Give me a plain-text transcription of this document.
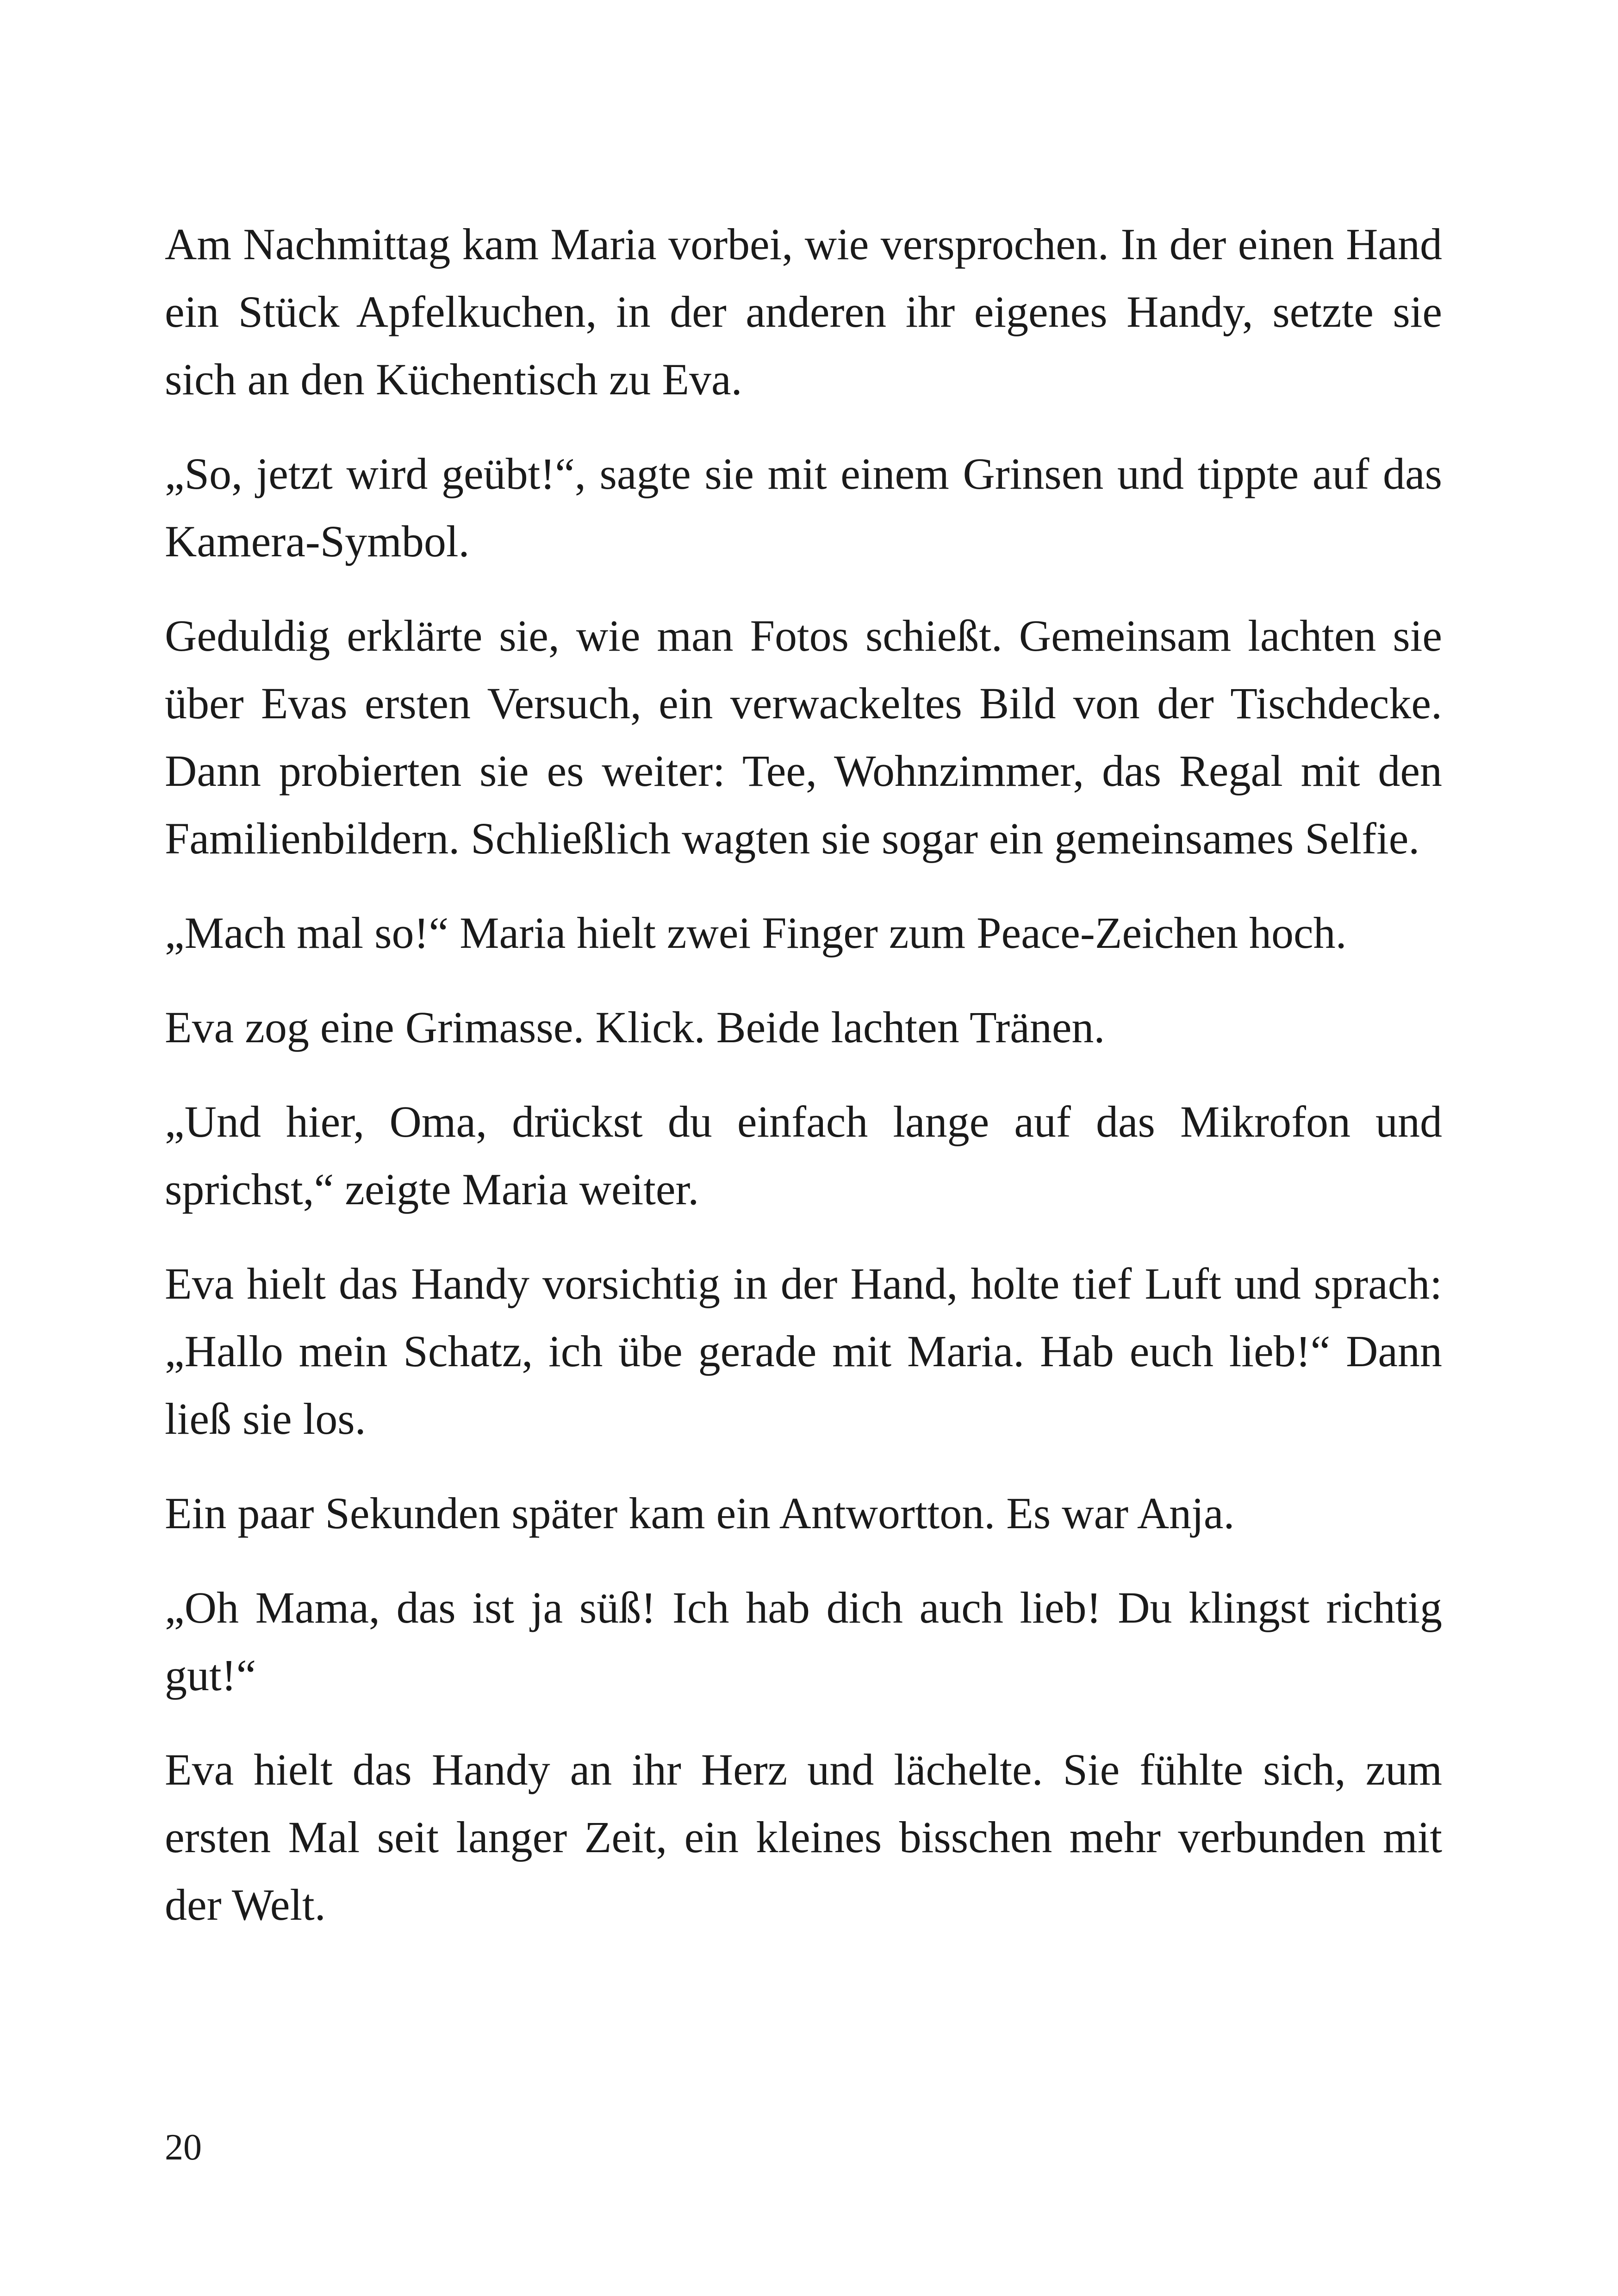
Am Nachmittag kam Maria vorbei, wie versprochen. In der einen Hand ein Stück Apfelkuchen, in der anderen ihr eigenes Handy, setzte sie sich an den Küchentisch zu Eva.

„So, jetzt wird geübt!“, sagte sie mit einem Grinsen und tippte auf das Kamera-Symbol.

Geduldig erklärte sie, wie man Fotos schießt. Gemeinsam lachten sie über Evas ersten Versuch, ein verwackeltes Bild von der Tischdecke. Dann probierten sie es weiter: Tee, Wohnzimmer, das Regal mit den Familienbildern. Schließlich wagten sie sogar ein gemeinsames Selfie.

„Mach mal so!“ Maria hielt zwei Finger zum Peace-Zeichen hoch.

Eva zog eine Grimasse. Klick. Beide lachten Tränen.

„Und hier, Oma, drückst du einfach lange auf das Mikrofon und sprichst,“ zeigte Maria weiter.

Eva hielt das Handy vorsichtig in der Hand, holte tief Luft und sprach: „Hallo mein Schatz, ich übe gerade mit Maria. Hab euch lieb!“ Dann ließ sie los.

Ein paar Sekunden später kam ein Antwortton. Es war Anja.

„Oh Mama, das ist ja süß! Ich hab dich auch lieb! Du klingst richtig gut!“

Eva hielt das Handy an ihr Herz und lächelte. Sie fühlte sich, zum ersten Mal seit langer Zeit, ein kleines bisschen mehr verbunden mit der Welt.

20
